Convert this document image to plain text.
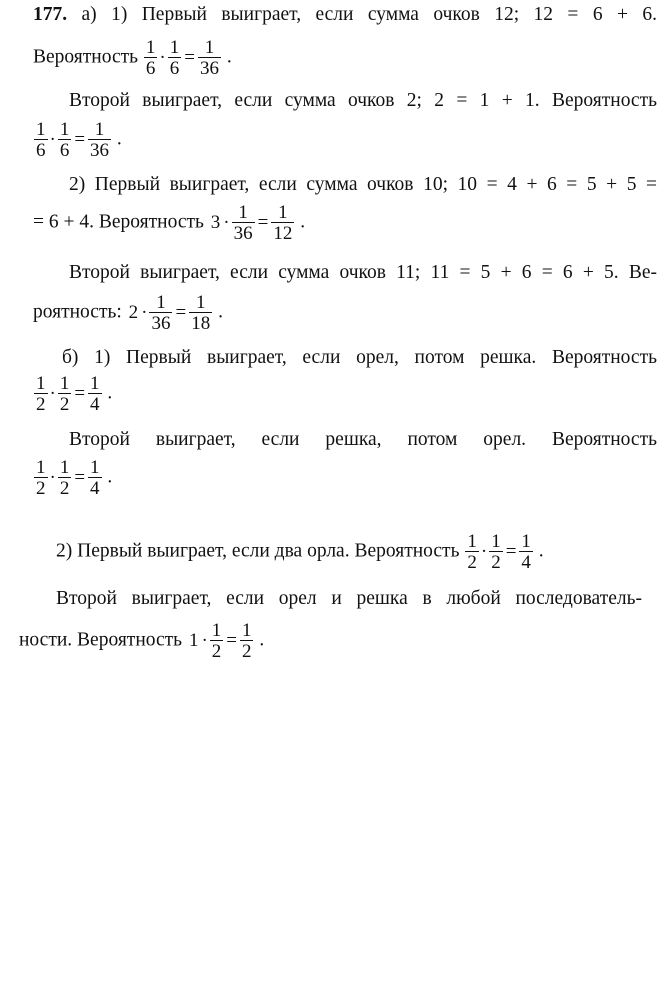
177. а) 1) Первый выиграет, если сумма очков 12; 12 = 6 + 6.
Вероятность $\frac{1}{6} \cdot \frac{1}{6} = \frac{1}{36}$ .
Второй выиграет, если сумма очков 2; 2 = 1 + 1. Вероятность
$\frac{1}{6} \cdot \frac{1}{6} = \frac{1}{36}$ .
2) Первый выиграет, если сумма очков 10; 10 = 4 + 6 = 5 + 5 =
= 6 + 4. Вероятность $3 \cdot \frac{1}{36} = \frac{1}{12}$ .
Второй выиграет, если сумма очков 11; 11 = 5 + 6 = 6 + 5. Ве-
роятность: $2 \cdot \frac{1}{36} = \frac{1}{18}$ .
б) 1) Первый выиграет, если орел, потом решка. Вероятность
$\frac{1}{2} \cdot \frac{1}{2} = \frac{1}{4}$ .
Второй выиграет, если решка, потом орел. Вероятность
$\frac{1}{2} \cdot \frac{1}{2} = \frac{1}{4}$ .
2) Первый выиграет, если два орла. Вероятность $\frac{1}{2} \cdot \frac{1}{2} = \frac{1}{4}$ .
Второй выиграет, если орел и решка в любой последователь-
ности. Вероятность $1 \cdot \frac{1}{2} = \frac{1}{2}$ .
